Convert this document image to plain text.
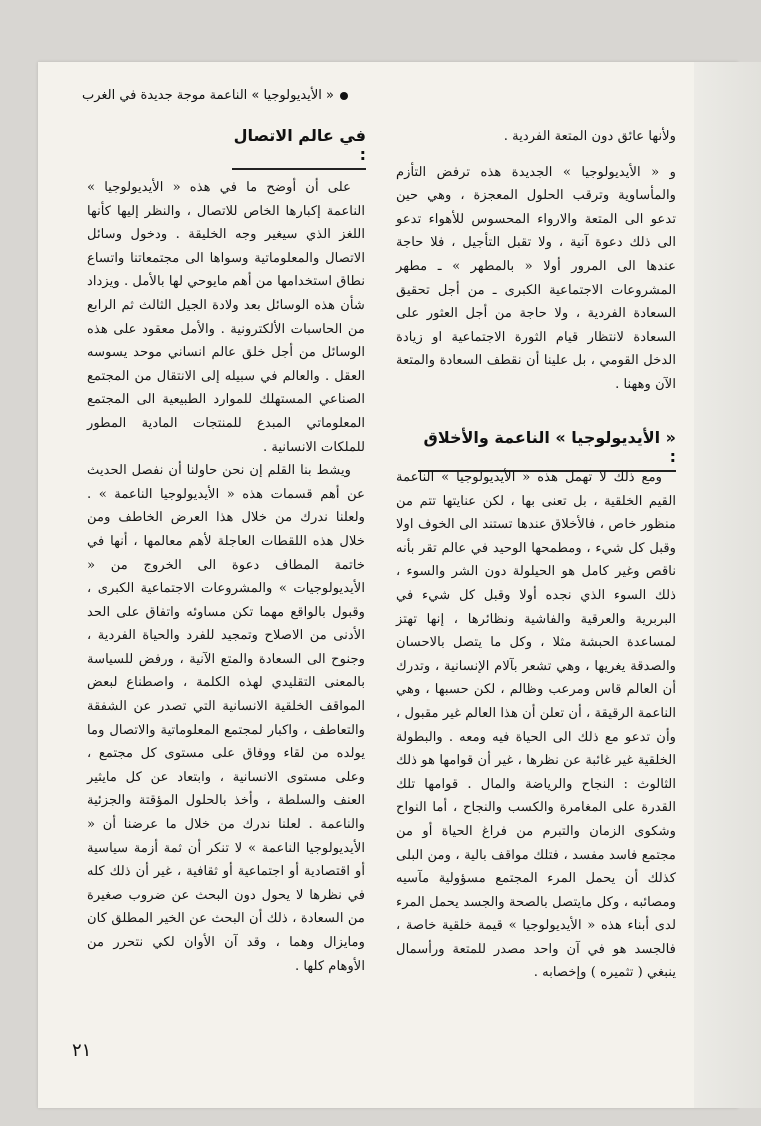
« الأيديولوجيا » الناعمة موجة جديدة في الغرب
في عالم الاتصال :

ولأنها عائق دون المتعة الفردية .

و « الأيديولوجيا » الجديدة هذه ترفض التأزم والمأساوية وترقب الحلول المعجزة ، وهي حين تدعو الى المتعة والارواء المحسوس للأهواء تدعو الى ذلك دعوة آنية ، ولا تقبل التأجيل ، فلا حاجة عندها الى المرور أولا « بالمطهر » ـ مطهر المشروعات الاجتماعية الكبرى ـ من أجل تحقيق السعادة الفردية ، ولا حاجة من أجل العثور على السعادة لانتظار قيام الثورة الاجتماعية او زيادة الدخل القومي ، بل علينا أن نقطف السعادة والمتعة الآن وههنا .

« الأيديولوجيا » الناعمة والأخلاق :

ومع ذلك لا تهمل هذه « الأيديولوجيا » الناعمة القيم الخلقية ، بل تعنى بها ، لكن عنايتها تتم من منظور خاص ، فالأخلاق عندها تستند الى الخوف اولا وقبل كل شيء ، ومطمحها الوحيد في عالم تقر بأنه ناقص وغير كامل هو الحيلولة دون الشر والسوء ، ذلك السوء الذي نجده أولا وقبل كل شيء في البربرية والعرقية والفاشية ونظائرها ، إنها تهتز لمساعدة الحبشة مثلا ، وكل ما يتصل بالاحسان والصدقة يغريها ، وهي تشعر بآلام الإنسانية ، وتدرك أن العالم قاس ومرعب وظالم ، لكن حسبها ، وهي الناعمة الرقيقة ، أن تعلن أن هذا العالم غير مقبول ، وأن تدعو مع ذلك الى الحياة فيه ومعه . والبطولة الخلقية غير غائبة عن نظرها ، غير أن قوامها هو ذلك الثالوث : النجاح والرياضة والمال . قوامها تلك القدرة على المغامرة والكسب والنجاح ، أما النواح وشكوى الزمان والتبرم من فراغ الحياة أو من مجتمع فاسد مفسد ، فتلك مواقف بالية ، ومن البلى كذلك أن يحمل المرء المجتمع مسؤولية مآسيه ومصائبه ، وكل مايتصل بالصحة والجسد يحمل المرء لدى أبناء هذه « الأيديولوجيا » قيمة خلقية خاصة ، فالجسد هو في آن واحد مصدر للمتعة ورأسمال ينبغي ( تثميره ) وإخصابه .

على أن أوضح ما في هذه « الأيديولوجيا » الناعمة إكبارها الخاص للاتصال ، والنظر إليها كأنها اللغز الذي سيغير وجه الخليقة . ودخول وسائل الاتصال والمعلوماتية وسواها الى مجتمعاتنا واتساع نطاق استخدامها من أهم مايوحي لها بالأمل . ويزداد شأن هذه الوسائل بعد ولادة الجيل الثالث ثم الرابع من الحاسبات الألكترونية . والأمل معقود على هذه الوسائل من أجل خلق عالم انساني موحد يسوسه العقل . والعالم في سبيله إلى الانتقال من المجتمع الصناعي المستهلك للموارد الطبيعية الى المجتمع المعلوماتي المبدع للمنتجات المادية المطور للملكات الانسانية .

ويشط بنا القلم إن نحن حاولنا أن نفصل الحديث عن أهم قسمات هذه « الأيديولوجيا الناعمة » . ولعلنا ندرك من خلال هذا العرض الخاطف ومن خلال هذه اللقطات العاجلة لأهم معالمها ، أنها في خاتمة المطاف دعوة الى الخروج من « الأيديولوجيات » والمشروعات الاجتماعية الكبرى ، وقبول بالواقع مهما تكن مساوئه واتفاق على الحد الأدنى من الاصلاح وتمجيد للفرد والحياة الفردية ، وجنوح الى السعادة والمتع الآنية ، ورفض للسياسة بالمعنى التقليدي لهذه الكلمة ، واصطناع لبعض المواقف الخلقية الانسانية التي تصدر عن الشفقة والتعاطف ، واكبار لمجتمع المعلوماتية والاتصال وما يولده من لقاء ووفاق على مستوى كل مجتمع ، وعلى مستوى الانسانية ، وابتعاد عن كل مايثير العنف والسلطة ، وأخذ بالحلول المؤقتة والجزئية والناعمة . لعلنا ندرك من خلال ما عرضنا أن « الأيديولوجيا الناعمة » لا تنكر أن ثمة أزمة سياسية أو اقتصادية أو اجتماعية أو ثقافية ، غير أن ذلك كله في نظرها لا يحول دون البحث عن ضروب صغيرة من السعادة ، ذلك أن البحث عن الخير المطلق كان ومايزال وهما ، وقد آن الأوان لكي نتحرر من الأوهام كلها .

٢١
